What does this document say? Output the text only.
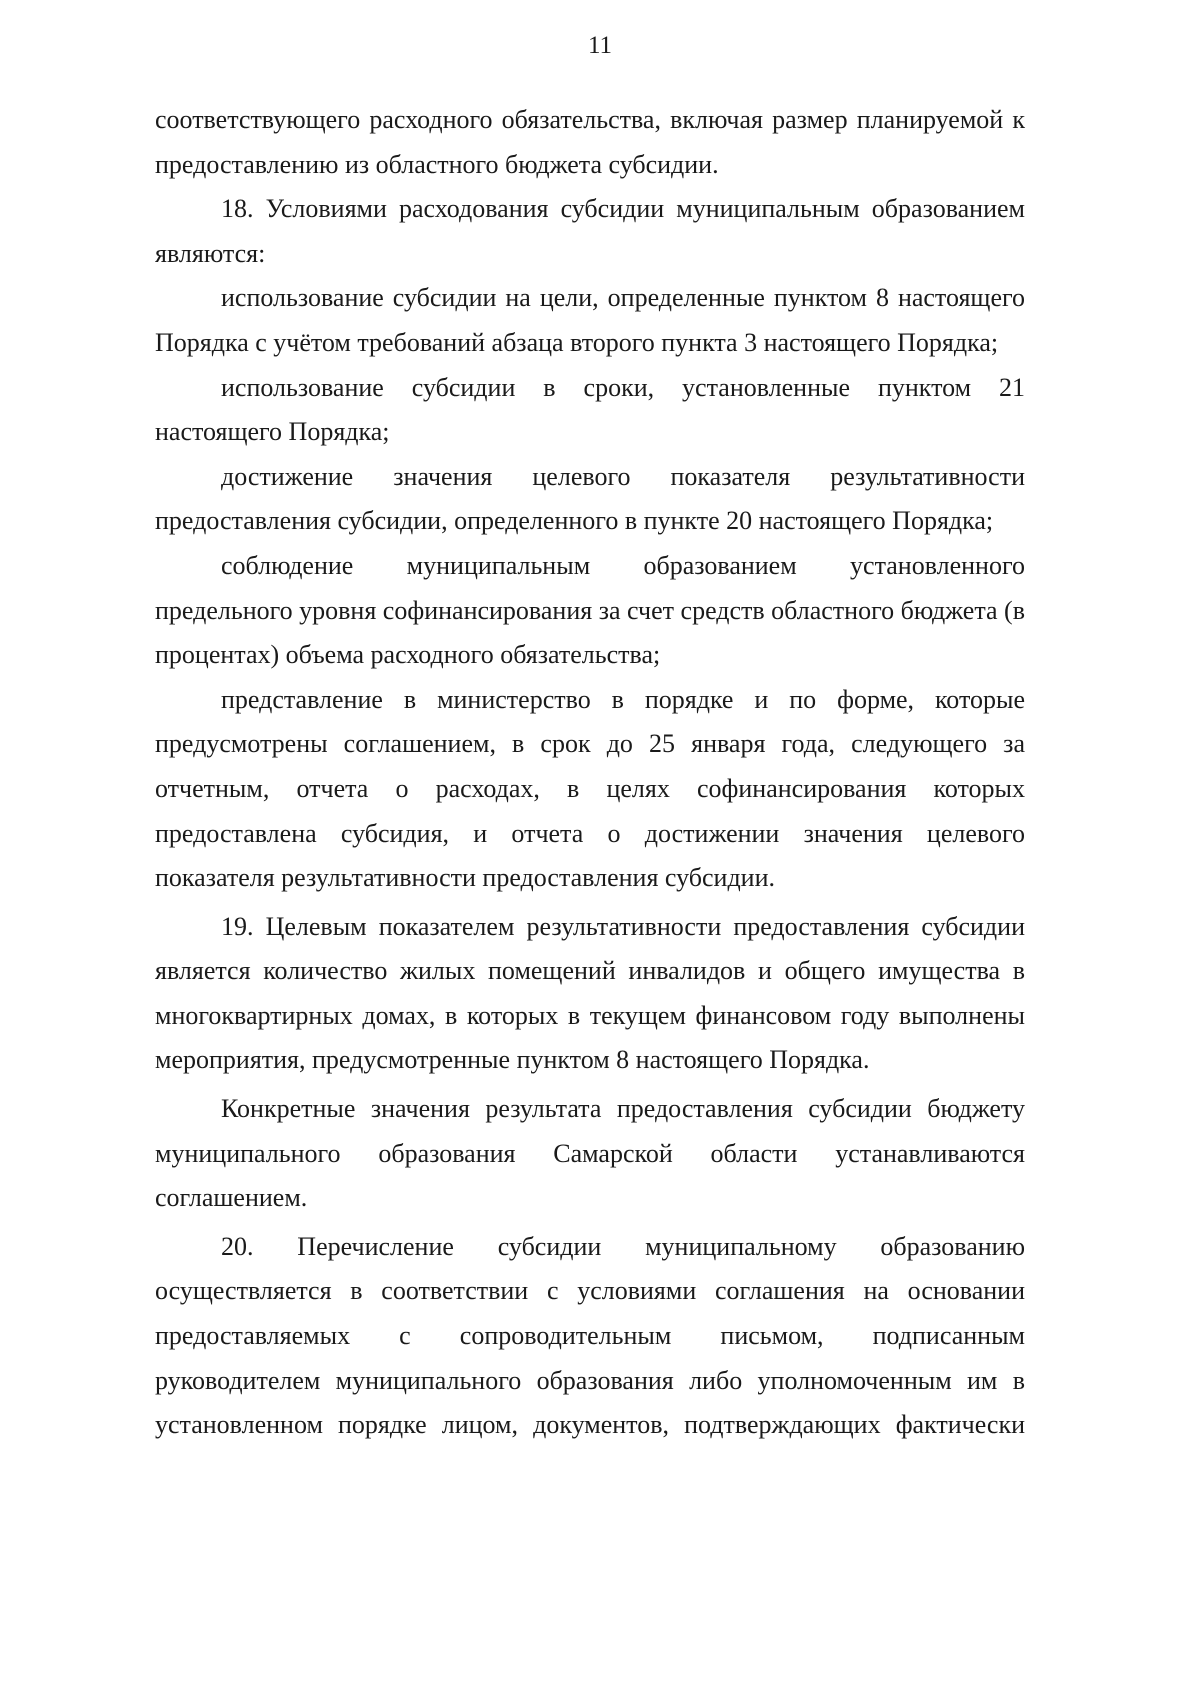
11

соответствующего расходного обязательства, включая размер планируемой к предоставлению из областного бюджета субсидии.

18. Условиями расходования субсидии муниципальным образованием являются:

использование субсидии на цели, определенные пунктом 8 настоящего Порядка с учётом требований абзаца второго пункта 3 настоящего Порядка;

использование субсидии в сроки, установленные пунктом 21 настоящего Порядка;

достижение значения целевого показателя результативности предоставления субсидии, определенного в пункте 20 настоящего Порядка;

соблюдение муниципальным образованием установленного предельного уровня софинансирования за счет средств областного бюджета (в процентах) объема расходного обязательства;

представление в министерство в порядке и по форме, которые предусмотрены соглашением, в срок до 25 января года, следующего за отчетным, отчета о расходах, в целях софинансирования которых предоставлена субсидия, и отчета о достижении значения целевого показателя результативности предоставления субсидии.

19. Целевым показателем результативности предоставления субсидии является количество жилых помещений инвалидов и общего имущества в многоквартирных домах, в которых в текущем финансовом году выполнены мероприятия, предусмотренные пунктом 8 настоящего Порядка.

Конкретные значения результата предоставления субсидии бюджету муниципального образования Самарской области устанавливаются соглашением.

20. Перечисление субсидии муниципальному образованию осуществляется в соответствии с условиями соглашения на основании предоставляемых с сопроводительным письмом, подписанным руководителем муниципального образования либо уполномоченным им в установленном порядке лицом, документов, подтверждающих фактически
